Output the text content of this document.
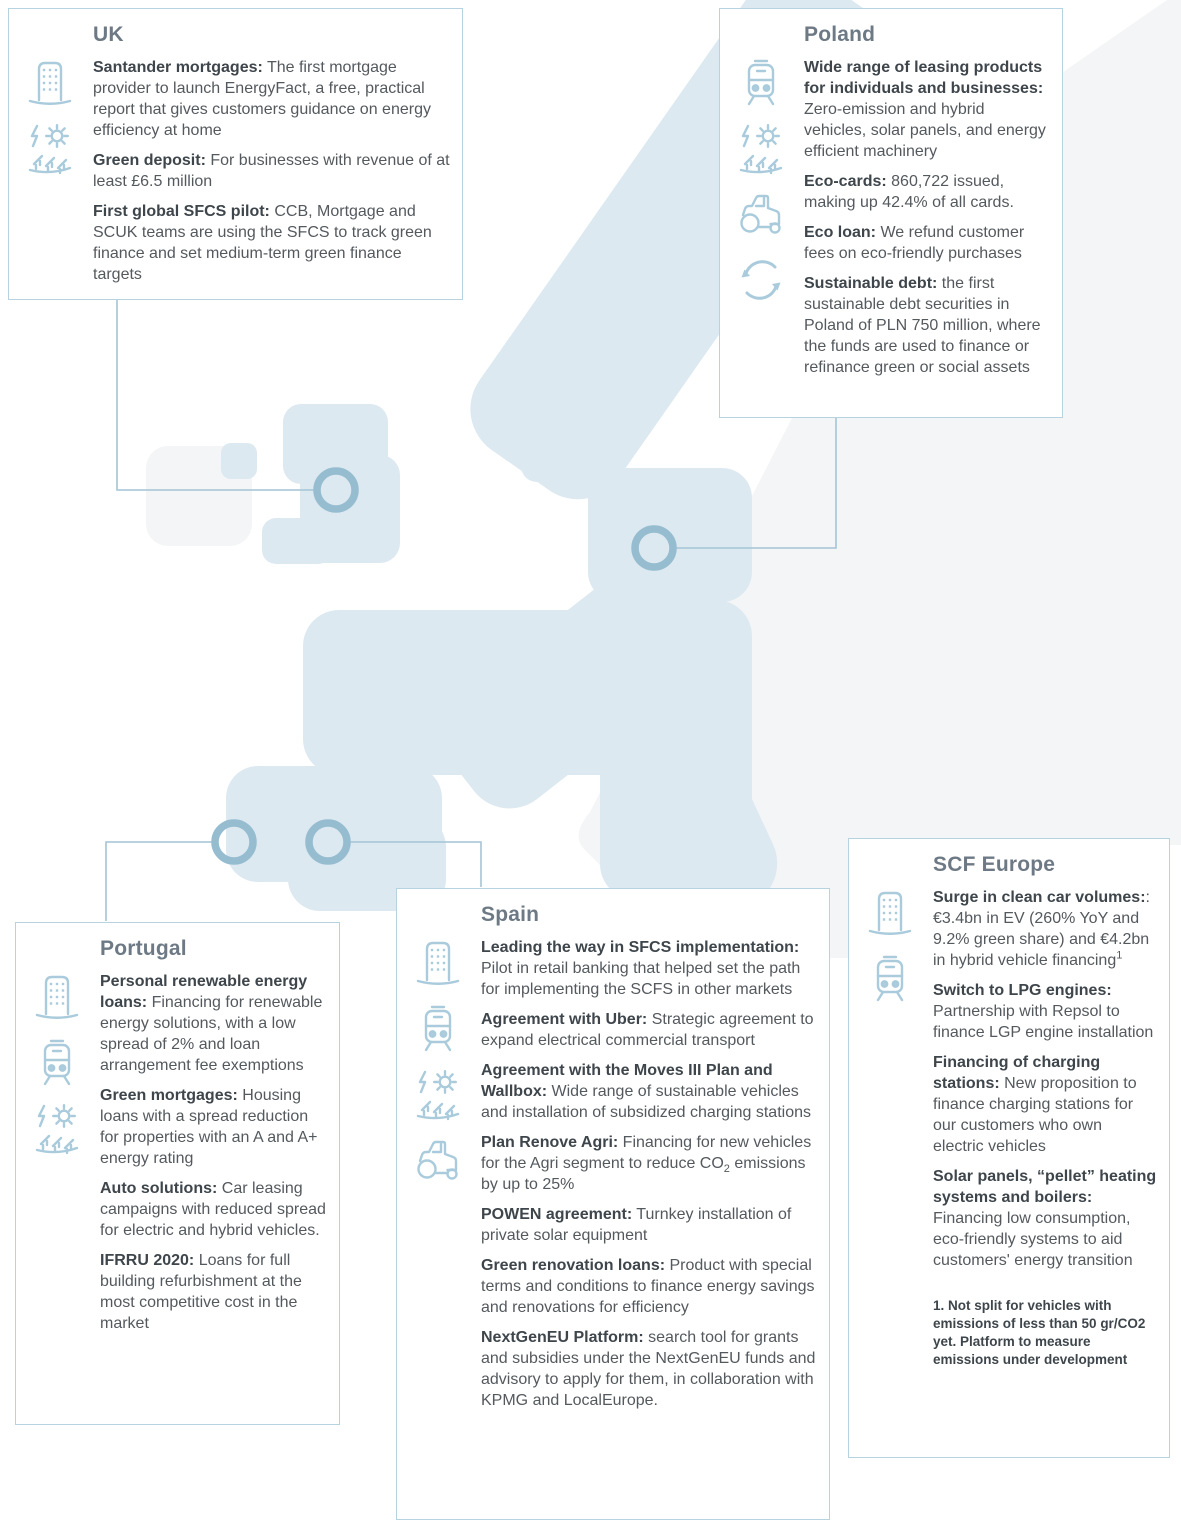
UK

Santander mortgages: The first mortgage provider to launch EnergyFact, a free, practical report that gives customers guidance on energy efficiency at home

Green deposit: For businesses with revenue of at least £6.5 million

First global SFCS pilot: CCB, Mortgage and SCUK teams are using the SFCS to track green finance and set medium-term green finance targets

Poland

Wide range of leasing products for individuals and businesses: Zero-emission and hybrid vehicles, solar panels, and energy efficient machinery

Eco-cards: 860,722 issued, making up 42.4% of all cards.

Eco loan: We refund customer fees on eco-friendly purchases

Sustainable debt: the first sustainable debt securities in Poland of PLN 750 million, where the funds are used to finance or refinance green or social assets

Portugal

Personal renewable energy loans: Financing for renewable energy solutions, with a low spread of 2% and loan arrangement fee exemptions

Green mortgages: Housing loans with a spread reduction for properties with an A and A+ energy rating

Auto solutions: Car leasing campaigns with reduced spread for electric and hybrid vehicles.

IFRRU 2020: Loans for full building refurbishment at the most competitive cost in the market

Spain

Leading the way in SFCS implementation: Pilot in retail banking that helped set the path for implementing the SCFS in other markets

Agreement with Uber: Strategic agreement to expand electrical commercial transport

Agreement with the Moves III Plan and Wallbox: Wide range of sustainable vehicles and installation of subsidized charging stations

Plan Renove Agri: Financing for new vehicles for the Agri segment to reduce $CO_2$ emissions by up to 25%

POWEN agreement: Turnkey installation of private solar equipment

Green renovation loans: Product with special terms and conditions to finance energy savings and renovations for efficiency

NextGenEU Platform: search tool for grants and subsidies under the NextGenEU funds and advisory to apply for them, in collaboration with KPMG and LocalEurope.

SCF Europe

Surge in clean car volumes:: €3.4bn in EV (260% YoY and 9.2% green share) and €4.2bn in hybrid vehicle financing$^1$

Switch to LPG engines: Partnership with Repsol to finance LGP engine installation

Financing of charging stations: New proposition to finance charging stations for our customers who own electric vehicles

Solar panels, “pellet” heating systems and boilers: Financing low consumption, eco-friendly systems to aid customers' energy transition

1. Not split for vehicles with emissions of less than 50 gr/CO2 yet. Platform to measure emissions under development
